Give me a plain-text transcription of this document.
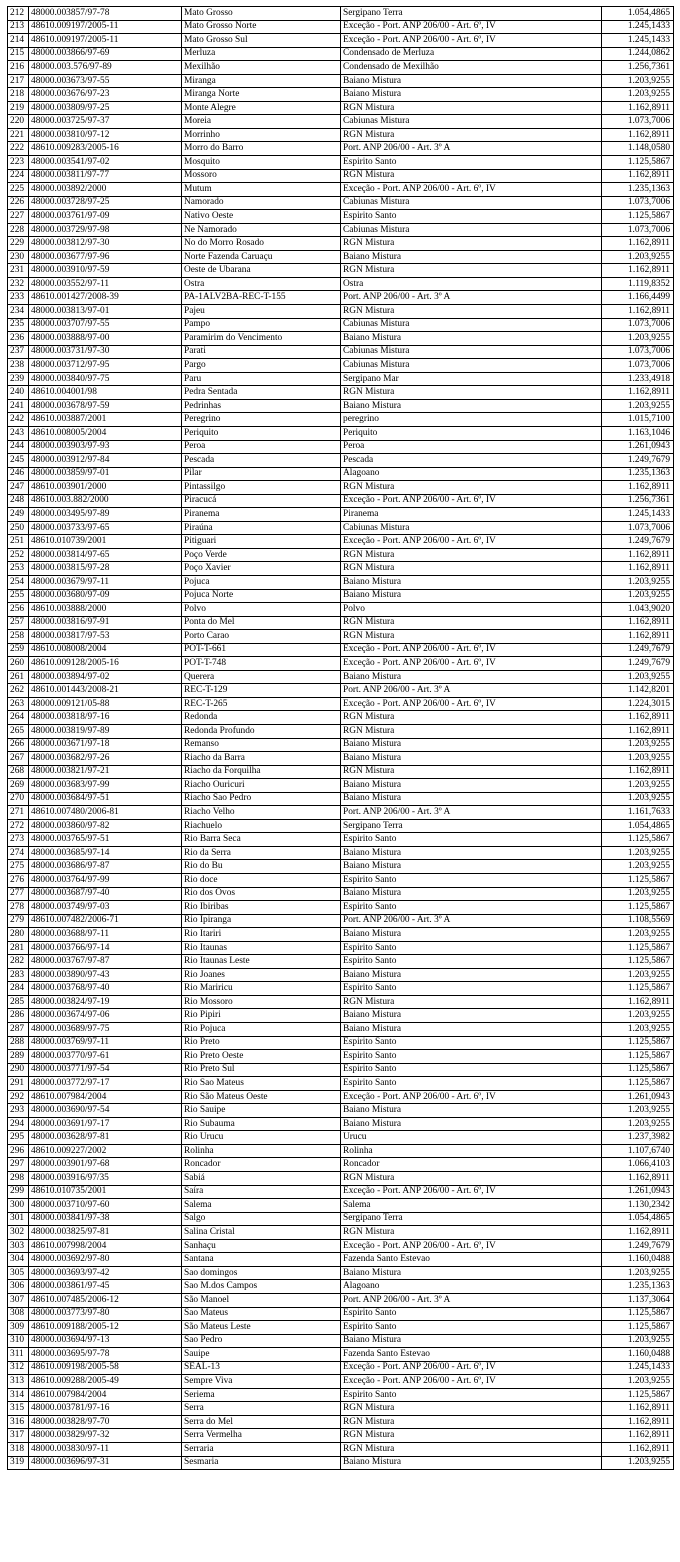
212	48000.003857/97-78	Mato Grosso	Sergipano Terra	1.054,4865
213	48610.009197/2005-11	Mato Grosso Norte	Exceção - Port. ANP 206/00 - Art. 6º, IV	1.245,1433
214	48610.009197/2005-11	Mato Grosso Sul	Exceção - Port. ANP 206/00 - Art. 6º, IV	1.245,1433
215	48000.003866/97-69	Merluza	Condensado de Merluza	1.244,0862
216	48000.003.576/97-89	Mexilhão	Condensado de Mexilhão	1.256,7361
217	48000.003673/97-55	Miranga	Baiano Mistura	1.203,9255
218	48000.003676/97-23	Miranga Norte	Baiano Mistura	1.203,9255
219	48000.003809/97-25	Monte Alegre	RGN Mistura	1.162,8911
220	48000.003725/97-37	Moreia	Cabiunas Mistura	1.073,7006
221	48000.003810/97-12	Morrinho	RGN Mistura	1.162,8911
222	48610.009283/2005-16	Morro do Barro	Port. ANP 206/00 - Art. 3º A	1.148,0580
223	48000.003541/97-02	Mosquito	Espirito Santo	1.125,5867
224	48000.003811/97-77	Mossoro	RGN Mistura	1.162,8911
225	48000.003892/2000	Mutum	Exceção - Port. ANP 206/00 - Art. 6º, IV	1.235,1363
226	48000.003728/97-25	Namorado	Cabiunas Mistura	1.073,7006
227	48000.003761/97-09	Nativo Oeste	Espirito Santo	1.125,5867
228	48000.003729/97-98	Ne Namorado	Cabiunas Mistura	1.073,7006
229	48000.003812/97-30	No do Morro Rosado	RGN Mistura	1.162,8911
230	48000.003677/97-96	Norte Fazenda Caruaçu	Baiano Mistura	1.203,9255
231	48000.003910/97-59	Oeste de Ubarana	RGN Mistura	1.162,8911
232	48000.003552/97-11	Ostra	Ostra	1.119,8352
233	48610.001427/2008-39	PA-1ALV2BA-REC-T-155	Port. ANP 206/00 - Art. 3º A	1.166,4499
234	48000.003813/97-01	Pajeu	RGN Mistura	1.162,8911
235	48000.003707/97-55	Pampo	Cabiunas Mistura	1.073,7006
236	48000.003888/97-00	Paramirim do Vencimento	Baiano Mistura	1.203,9255
237	48000.003731/97-30	Parati	Cabiunas Mistura	1.073,7006
238	48000.003712/97-95	Pargo	Cabiunas Mistura	1.073,7006
239	48000.003840/97-75	Paru	Sergipano Mar	1.233,4918
240	48610.004001/98	Pedra Sentada	RGN Mistura	1.162,8911
241	48000.003678/97-59	Pedrinhas	Baiano Mistura	1.203,9255
242	48610.003887/2001	Peregrino	peregrino	1.015,7100
243	48610.008005/2004	Periquito	Periquito	1.163,1046
244	48000.003903/97-93	Peroa	Peroa	1.261,0943
245	48000.003912/97-84	Pescada	Pescada	1.249,7679
246	48000.003859/97-01	Pilar	Alagoano	1.235,1363
247	48610.003901/2000	Pintassilgo	RGN Mistura	1.162,8911
248	48610.003.882/2000	Piracucá	Exceção - Port. ANP 206/00 - Art. 6º, IV	1.256,7361
249	48000.003495/97-89	Piranema	Piranema	1.245,1433
250	48000.003733/97-65	Piraúna	Cabiunas Mistura	1.073,7006
251	48610.010739/2001	Pitiguari	Exceção - Port. ANP 206/00 - Art. 6º, IV	1.249,7679
252	48000.003814/97-65	Poço Verde	RGN Mistura	1.162,8911
253	48000.003815/97-28	Poço Xavier	RGN Mistura	1.162,8911
254	48000.003679/97-11	Pojuca	Baiano Mistura	1.203,9255
255	48000.003680/97-09	Pojuca Norte	Baiano Mistura	1.203,9255
256	48610.003888/2000	Polvo	Polvo	1.043,9020
257	48000.003816/97-91	Ponta do Mel	RGN Mistura	1.162,8911
258	48000.003817/97-53	Porto Carao	RGN Mistura	1.162,8911
259	48610.008008/2004	POT-T-661	Exceção - Port. ANP 206/00 - Art. 6º, IV	1.249,7679
260	48610.009128/2005-16	POT-T-748	Exceção - Port. ANP 206/00 - Art. 6º, IV	1.249,7679
261	48000.003894/97-02	Querera	Baiano Mistura	1.203,9255
262	48610.001443/2008-21	REC-T-129	Port. ANP 206/00 - Art. 3º A	1.142,8201
263	48000.009121/05-88	REC-T-265	Exceção - Port. ANP 206/00 - Art. 6º, IV	1.224,3015
264	48000.003818/97-16	Redonda	RGN Mistura	1.162,8911
265	48000.003819/97-89	Redonda Profundo	RGN Mistura	1.162,8911
266	48000.003671/97-18	Remanso	Baiano Mistura	1.203,9255
267	48000.003682/97-26	Riacho da Barra	Baiano Mistura	1.203,9255
268	48000.003821/97-21	Riacho da Forquilha	RGN Mistura	1.162,8911
269	48000.003683/97-99	Riacho Ouricuri	Baiano Mistura	1.203,9255
270	48000.003684/97-51	Riacho Sao Pedro	Baiano Mistura	1.203,9255
271	48610.007480/2006-81	Riacho Velho	Port. ANP 206/00 - Art. 3º A	1.161,7633
272	48000.003860/97-82	Riachuelo	Sergipano Terra	1.054,4865
273	48000.003765/97-51	Rio Barra Seca	Espirito Santo	1.125,5867
274	48000.003685/97-14	Rio da Serra	Baiano Mistura	1.203,9255
275	48000.003686/97-87	Rio do Bu	Baiano Mistura	1.203,9255
276	48000.003764/97-99	Rio doce	Espirito Santo	1.125,5867
277	48000.003687/97-40	Rio dos Ovos	Baiano Mistura	1.203,9255
278	48000.003749/97-03	Rio Ibiribas	Espirito Santo	1.125,5867
279	48610.007482/2006-71	Rio Ipiranga	Port. ANP 206/00 - Art. 3º A	1.108,5569
280	48000.003688/97-11	Rio Itariri	Baiano Mistura	1.203,9255
281	48000.003766/97-14	Rio Itaunas	Espirito Santo	1.125,5867
282	48000.003767/97-87	Rio Itaunas Leste	Espirito Santo	1.125,5867
283	48000.003890/97-43	Rio Joanes	Baiano Mistura	1.203,9255
284	48000.003768/97-40	Rio Mariricu	Espirito Santo	1.125,5867
285	48000.003824/97-19	Rio Mossoro	RGN Mistura	1.162,8911
286	48000.003674/97-06	Rio Pipiri	Baiano Mistura	1.203,9255
287	48000.003689/97-75	Rio Pojuca	Baiano Mistura	1.203,9255
288	48000.003769/97-11	Rio Preto	Espirito Santo	1.125,5867
289	48000.003770/97-61	Rio Preto Oeste	Espirito Santo	1.125,5867
290	48000.003771/97-54	Rio Preto Sul	Espirito Santo	1.125,5867
291	48000.003772/97-17	Rio Sao Mateus	Espirito Santo	1.125,5867
292	48610.007984/2004	Rio São Mateus Oeste	Exceção - Port. ANP 206/00 - Art. 6º, IV	1.261,0943
293	48000.003690/97-54	Rio Sauipe	Baiano Mistura	1.203,9255
294	48000.003691/97-17	Rio Subauma	Baiano Mistura	1.203,9255
295	48000.003628/97-81	Rio Urucu	Urucu	1.237,3982
296	48610.009227/2002	Rolinha	Rolinha	1.107,6740
297	48000.003901/97-68	Roncador	Roncador	1.066,4103
298	48000.003916/97/35	Sabiá	RGN Mistura	1.162,8911
299	48610.010735/2001	Saíra	Exceção - Port. ANP 206/00 - Art. 6º, IV	1.261,0943
300	48000.003710/97-60	Salema	Salema	1.130,2342
301	48000.003841/97-38	Salgo	Sergipano Terra	1.054,4865
302	48000.003825/97-81	Salina Cristal	RGN Mistura	1.162,8911
303	48610.007998/2004	Sanhaçu	Exceção - Port. ANP 206/00 - Art. 6º, IV	1.249,7679
304	48000.003692/97-80	Santana	Fazenda Santo Estevao	1.160,0488
305	48000.003693/97-42	Sao domingos	Baiano Mistura	1.203,9255
306	48000.003861/97-45	Sao M.dos Campos	Alagoano	1.235,1363
307	48610.007485/2006-12	São Manoel	Port. ANP 206/00 - Art. 3º A	1.137,3064
308	48000.003773/97-80	Sao Mateus	Espirito Santo	1.125,5867
309	48610.009188/2005-12	São Mateus Leste	Espirito Santo	1.125,5867
310	48000.003694/97-13	Sao Pedro	Baiano Mistura	1.203,9255
311	48000.003695/97-78	Sauipe	Fazenda Santo Estevao	1.160,0488
312	48610.009198/2005-58	SEAL-13	Exceção - Port. ANP 206/00 - Art. 6º, IV	1.245,1433
313	48610.009288/2005-49	Sempre Viva	Exceção - Port. ANP 206/00 - Art. 6º, IV	1.203,9255
314	48610.007984/2004	Seriema	Espirito Santo	1.125,5867
315	48000.003781/97-16	Serra	RGN Mistura	1.162,8911
316	48000.003828/97-70	Serra do Mel	RGN Mistura	1.162,8911
317	48000.003829/97-32	Serra Vermelha	RGN Mistura	1.162,8911
318	48000.003830/97-11	Serraria	RGN Mistura	1.162,8911
319	48000.003696/97-31	Sesmaria	Baiano Mistura	1.203,9255
